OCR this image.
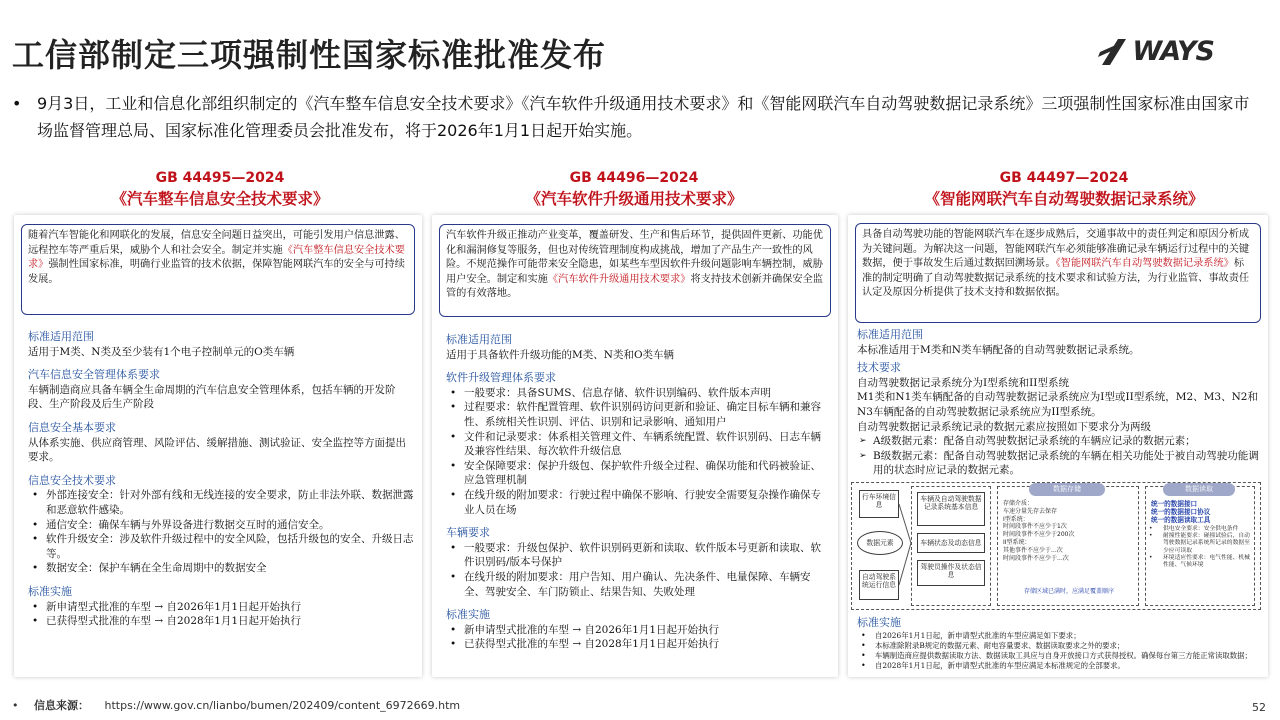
工信部制定三项强制性国家标准批准发布	WAYS
• 9月3日，工业和信息化部组织制定的《汽车整车信息安全技术要求》《汽车软件升级通用技术要求》和《智能网联汽车自动驾驶数据记录系统》三项强制性国家标准由国家市场监督管理总局、国家标准化管理委员会批准发布，将于2026年1月1日起开始实施。
GB 44495—2024
《汽车整车信息安全技术要求》
随着汽车智能化和网联化的发展，信息安全问题日益突出，可能引发用户信息泄露、远程控车等严重后果，威胁个人和社会安全。制定并实施《汽车整车信息安全技术要求》强制性国家标准，明确行业监管的技术依据，保障智能网联汽车的安全与可持续发展。
标准适用范围
适用于M类、N类及至少装有1个电子控制单元的O类车辆
汽车信息安全管理体系要求
车辆制造商应具备车辆全生命周期的汽车信息安全管理体系，包括车辆的开发阶段、生产阶段及后生产阶段
信息安全基本要求
从体系实施、供应商管理、风险评估、缓解措施、测试验证、安全监控等方面提出要求。
信息安全技术要求
• 外部连接安全：针对外部有线和无线连接的安全要求，防止非法外联、数据泄露和恶意软件感染。
• 通信安全：确保车辆与外界设备进行数据交互时的通信安全。
• 软件升级安全：涉及软件升级过程中的安全风险，包括升级包的安全、升级日志等。
• 数据安全：保护车辆在全生命周期中的数据安全
标准实施
• 新申请型式批准的车型 → 自2026年1月1日起开始执行
• 已获得型式批准的车型 → 自2028年1月1日起开始执行
GB 44496—2024
《汽车软件升级通用技术要求》
汽车软件升级正推动产业变革，覆盖研发、生产和售后环节，提供固件更新、功能优化和漏洞修复等服务，但也对传统管理制度构成挑战，增加了产品生产一致性的风险。不规范操作可能带来安全隐患，如某些车型因软件升级问题影响车辆控制，威胁用户安全。制定和实施《汽车软件升级通用技术要求》将支持技术创新并确保安全监管的有效落地。
标准适用范围
适用于具备软件升级功能的M类、N类和O类车辆
软件升级管理体系要求
• 一般要求：具备SUMS、信息存储、软件识别编码、软件版本声明
• 过程要求：软件配置管理、软件识别码访问更新和验证、确定目标车辆和兼容性、系统相关性识别、评估、识别和记录影响、通知用户
• 文件和记录要求：体系相关管理文件、车辆系统配置、软件识别码、日志车辆及兼容性结果、每次软件升级信息
• 安全保障要求：保护升级包、保护软件升级全过程、确保功能和代码被验证、应急管理机制
• 在线升级的附加要求：行驶过程中确保不影响、行驶安全需要复杂操作确保专业人员在场
车辆要求
• 一般要求：升级包保护、软件识别码更新和读取、软件版本号更新和读取、软件识别码/版本号保护
• 在线升级的附加要求：用户告知、用户确认、先决条件、电量保障、车辆安全、驾驶安全、车门防锁止、结果告知、失败处理
标准实施
• 新申请型式批准的车型 → 自2026年1月1日起开始执行
• 已获得型式批准的车型 → 自2028年1月1日起开始执行
GB 44497—2024
《智能网联汽车自动驾驶数据记录系统》
具备自动驾驶功能的智能网联汽车在逐步成熟后，交通事故中的责任判定和原因分析成为关键问题。为解决这一问题，智能网联汽车必须能够准确记录车辆运行过程中的关键数据，便于事故发生后通过数据回溯场景。《智能网联汽车自动驾驶数据记录系统》标准的制定明确了自动驾驶数据记录系统的技术要求和试验方法，为行业监管、事故责任认定及原因分析提供了技术支持和数据依据。
标准适用范围
本标准适用于M类和N类车辆配备的自动驾驶数据记录系统。
技术要求
自动驾驶数据记录系统分为I型系统和II型系统
M1类和N1类车辆配备的自动驾驶数据记录系统应为I型或II型系统，M2、M3、N2和N3车辆配备的自动驾驶数据记录系统应为II型系统。
自动驾驶数据记录系统记录的数据元素应按照如下要求分为两级
➢ A级数据元素：配备自动驾驶数据记录系统的车辆应记录的数据元素；
➢ B级数据元素：配备自动驾驶数据记录系统的车辆在相关功能处于被自动驾驶功能调用的状态时应记录的数据元素。
行车环境信息
数据元素
自动驾驶系统运行信息
车辆及自动驾驶数据记录系统基本信息
车辆状态及动态信息
驾驶员操作及状态信息
数据存储
存储介质：
车速分量先存去保存
I型系统：
时间段事件不应少于1次
时间段事件不应少于200次
II型系统：
其他事件不应少于...次
时间段事件不应少于...次
存储区域已满时，应满足覆盖顺序
数据读取
统一的数据接口
统一的数据接口协议
统一的数据读取工具
• 供电安全要求：安全供电条件
• 耐撞性能要求：碰撞试验后，自动驾驶数据记录系统所记录的数据至少应可读取
• 环境适应性要求：电气性能、机械性能、气候环境
标准实施
• 自2026年1月1日起，新申请型式批准的车型应满足如下要求；
• 本标准除附录B规定的数据元素、耐电容量要求、数据读取要求之外的要求；
• 车辆制造商应提供数据读取方法、数据读取工具应与自身开放接口方式获得授权。确保每台第三方能正常读取数据；
• 自2028年1月1日起，新申请型式批准的车型应满足本标准规定的全部要求。
• 信息来源： https://www.gov.cn/lianbo/bumen/202409/content_6972669.htm	52
